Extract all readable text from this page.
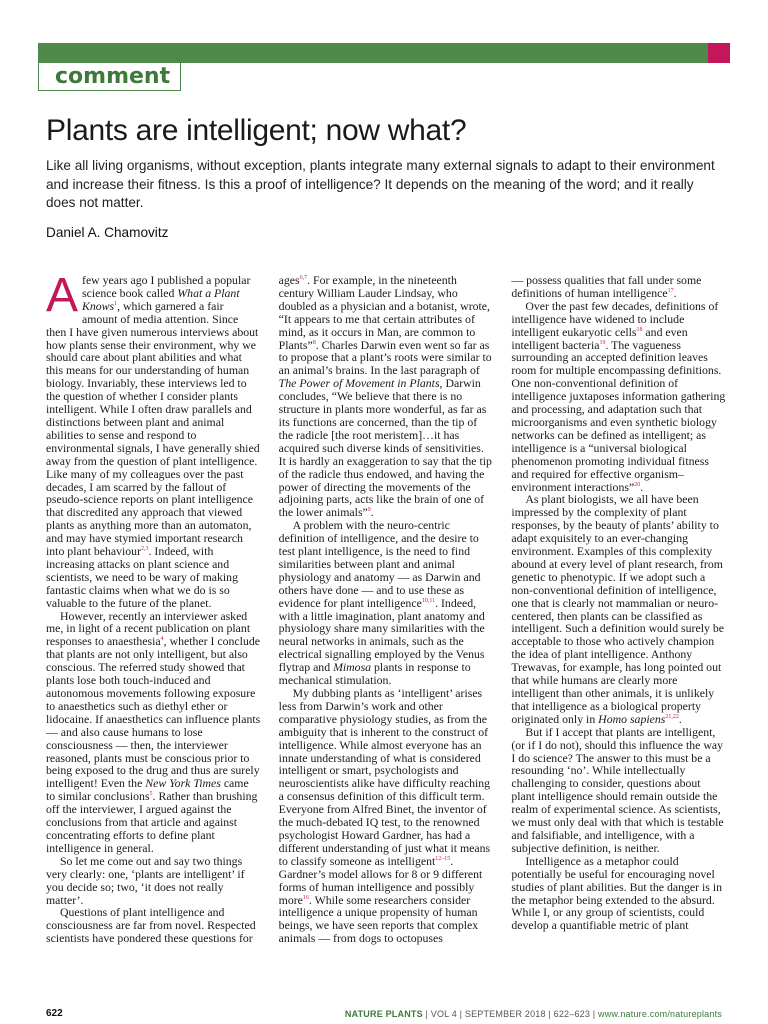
comment
Plants are intelligent; now what?
Like all living organisms, without exception, plants integrate many external signals to adapt to their environment and increase their fitness. Is this a proof of intelligence? It depends on the meaning of the word; and it really does not matter.
Daniel A. Chamovitz

Afew years ago I published a popular science book called What a Plant Knows$^1$, which garnered a fair amount of media attention. Since then I have given numerous interviews about how plants sense their environment, why we should care about plant abilities and what this means for our understanding of human biology. Invariably, these interviews led to the question of whether I consider plants intelligent. While I often draw parallels and distinctions between plant and animal abilities to sense and respond to environmental signals, I have generally shied away from the question of plant intelligence. Like many of my colleagues over the past decades, I am scarred by the fallout of pseudo-science reports on plant intelligence that discredited any approach that viewed plants as anything more than an automaton, and may have stymied important research into plant behaviour$^{2,3}$. Indeed, with increasing attacks on plant science and scientists, we need to be wary of making fantastic claims when what we do is so valuable to the future of the planet.

However, recently an interviewer asked me, in light of a recent publication on plant responses to anaesthesia$^4$, whether I conclude that plants are not only intelligent, but also conscious. The referred study showed that plants lose both touch-induced and autonomous movements following exposure to anaesthetics such as diethyl ether or lidocaine. If anaesthetics can influence plants — and also cause humans to lose consciousness — then, the interviewer reasoned, plants must be conscious prior to being exposed to the drug and thus are surely intelligent! Even the New York Times came to similar conclusions$^5$. Rather than brushing off the interviewer, I argued against the conclusions from that article and against concentrating efforts to define plant intelligence in general.

So let me come out and say two things very clearly: one, ‘plants are intelligent’ if you decide so; two, ‘it does not really matter’.

Questions of plant intelligence and consciousness are far from novel. Respected scientists have pondered these questions for

ages$^{6,7}$. For example, in the nineteenth century William Lauder Lindsay, who doubled as a physician and a botanist, wrote, “It appears to me that certain attributes of mind, as it occurs in Man, are common to Plants”$^8$. Charles Darwin even went so far as to propose that a plant’s roots were similar to an animal’s brains. In the last paragraph of The Power of Movement in Plants, Darwin concludes, “We believe that there is no structure in plants more wonderful, as far as its functions are concerned, than the tip of the radicle [the root meristem]…it has acquired such diverse kinds of sensitivities. It is hardly an exaggeration to say that the tip of the radicle thus endowed, and having the power of directing the movements of the adjoining parts, acts like the brain of one of the lower animals”$^9$.

A problem with the neuro-centric definition of intelligence, and the desire to test plant intelligence, is the need to find similarities between plant and animal physiology and anatomy — as Darwin and others have done — and to use these as evidence for plant intelligence$^{10,11}$. Indeed, with a little imagination, plant anatomy and physiology share many similarities with the neural networks in animals, such as the electrical signalling employed by the Venus flytrap and Mimosa plants in response to mechanical stimulation.

My dubbing plants as ‘intelligent’ arises less from Darwin’s work and other comparative physiology studies, as from the ambiguity that is inherent to the construct of intelligence. While almost everyone has an innate understanding of what is considered intelligent or smart, psychologists and neuroscientists alike have difficulty reaching a consensus definition of this difficult term. Everyone from Alfred Binet, the inventor of the much-debated IQ test, to the renowned psychologist Howard Gardner, has had a different understanding of just what it means to classify someone as intelligent$^{12-15}$. Gardner’s model allows for 8 or 9 different forms of human intelligence and possibly more$^{16}$. While some researchers consider intelligence a unique propensity of human beings, we have seen reports that complex animals — from dogs to octopuses

— possess qualities that fall under some definitions of human intelligence$^{17}$.

Over the past few decades, definitions of intelligence have widened to include intelligent eukaryotic cells$^{18}$ and even intelligent bacteria$^{19}$. The vagueness surrounding an accepted definition leaves room for multiple encompassing definitions. One non-conventional definition of intelligence juxtaposes information gathering and processing, and adaptation such that microorganisms and even synthetic biology networks can be defined as intelligent; as intelligence is a “universal biological phenomenon promoting individual fitness and required for effective organism–environment interactions”$^{20}$.

As plant biologists, we all have been impressed by the complexity of plant responses, by the beauty of plants’ ability to adapt exquisitely to an ever-changing environment. Examples of this complexity abound at every level of plant research, from genetic to phenotypic. If we adopt such a non-conventional definition of intelligence, one that is clearly not mammalian or neuro-centered, then plants can be classified as intelligent. Such a definition would surely be acceptable to those who actively champion the idea of plant intelligence. Anthony Trewavas, for example, has long pointed out that while humans are clearly more intelligent than other animals, it is unlikely that intelligence as a biological property originated only in Homo sapiens$^{21,22}$.

But if I accept that plants are intelligent, (or if I do not), should this influence the way I do science? The answer to this must be a resounding ‘no’. While intellectually challenging to consider, questions about plant intelligence should remain outside the realm of experimental science. As scientists, we must only deal with that which is testable and falsifiable, and intelligence, with a subjective definition, is neither.

Intelligence as a metaphor could potentially be useful for encouraging novel studies of plant abilities. But the danger is in the metaphor being extended to the absurd. While I, or any group of scientists, could develop a quantifiable metric of plant

622	NATURE PLANTS | VOL 4 | SEPTEMBER 2018 | 622–623 | www.nature.com/natureplants
